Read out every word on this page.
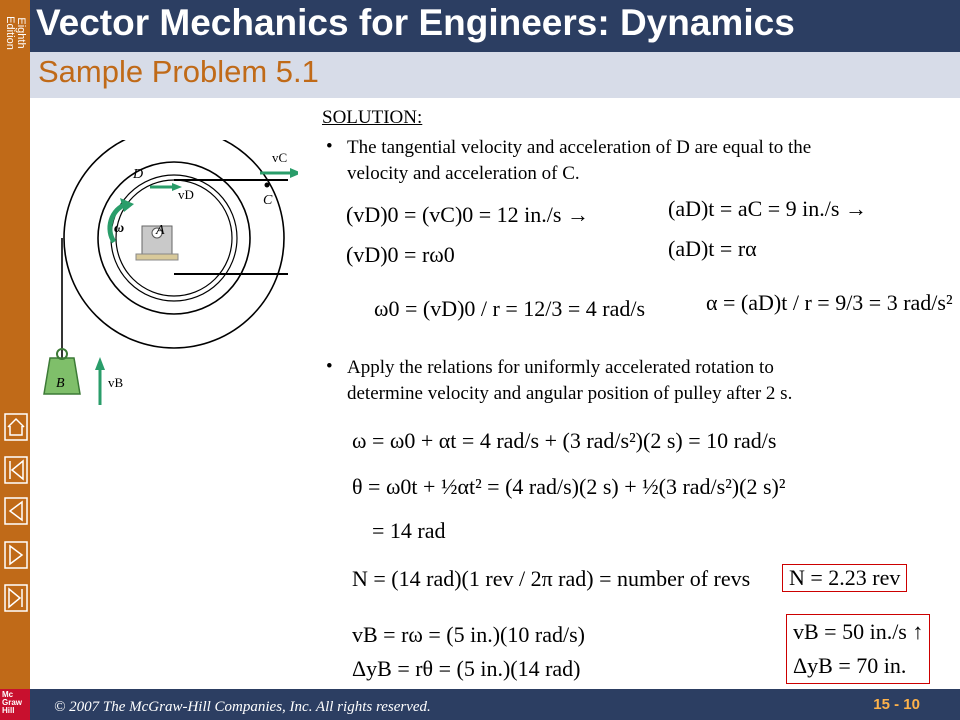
Eighth Edition Vector Mechanics for Engineers: Dynamics
Sample Problem 5.1
vC
D
vD	C
ω A
B	vB
SOLUTION:
• The tangential velocity and acceleration of D are equal to the
velocity and acceleration of C.
(vD)0 = (vC)0 = 12 in./s →
(vD)0 = rω0
ω0 = (vD)0 / r = 12/3 = 4 rad/s
(aD)t = aC = 9 in./s →
(aD)t = rα
α = (aD)t / r = 9/3 = 3 rad/s²
• Apply the relations for uniformly accelerated rotation to
determine velocity and angular position of pulley after 2 s.
ω = ω0 + αt = 4 rad/s + (3 rad/s²)(2 s) = 10 rad/s
θ = ω0t + ½αt² = (4 rad/s)(2 s) + ½(3 rad/s²)(2 s)²
= 14 rad
N = (14 rad)(1 rev / 2π rad) = number of revs
vB = rω = (5 in.)(10 rad/s)
ΔyB = rθ = (5 in.)(14 rad)
N = 2.23 rev
vB = 50 in./s ↑
ΔyB = 70 in.
© 2007 The McGraw-Hill Companies, Inc. All rights reserved.	15 - 10
Mc Graw Hill
